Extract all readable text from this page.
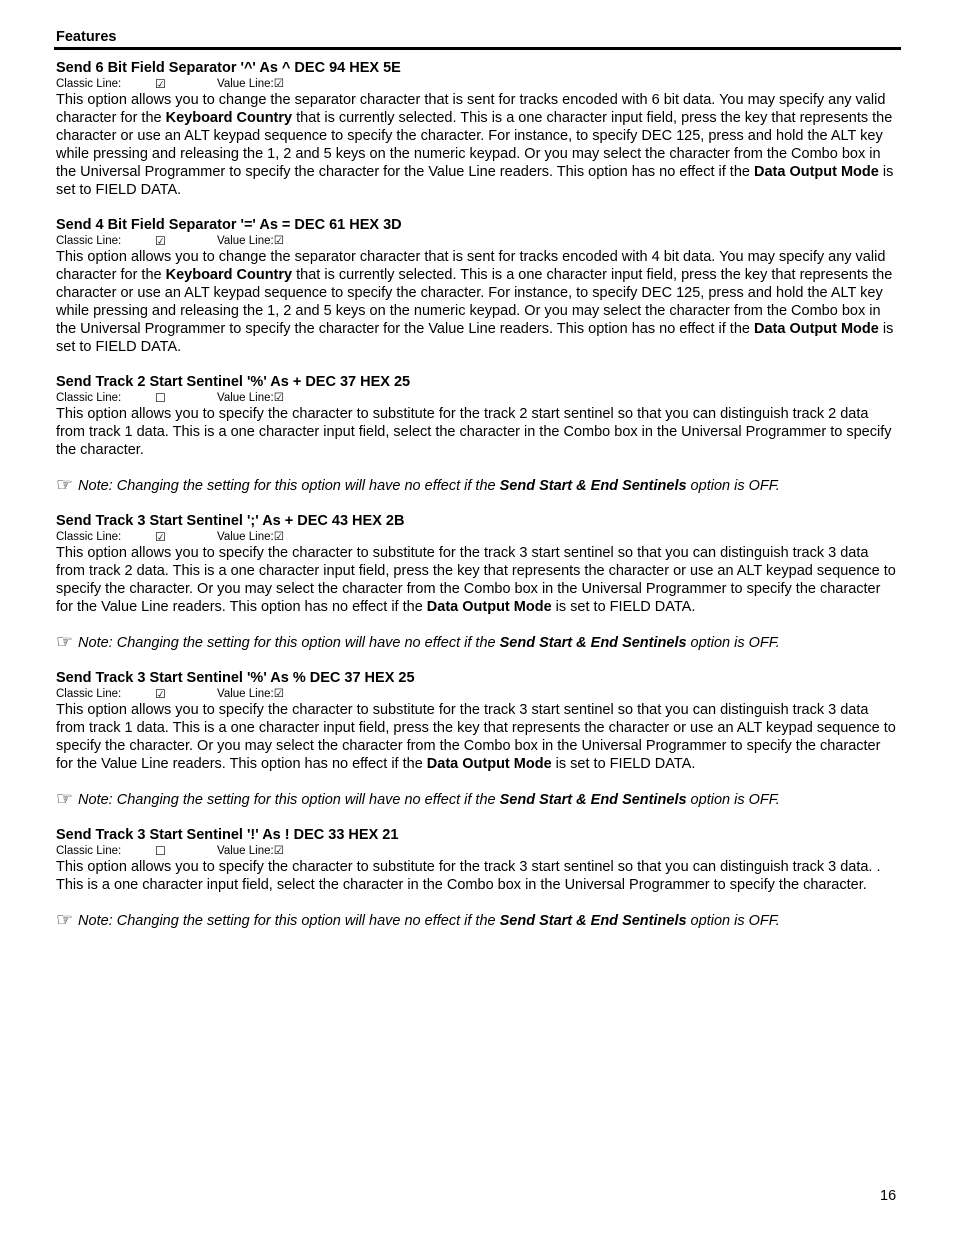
Features
Send 6 Bit Field Separator '^' As ^ DEC 94 HEX 5E
Classic Line:	☑	Value Line:☑

This option allows you to change the separator character that is sent for tracks encoded with 6 bit data. You may specify any valid character for the Keyboard Country that is currently selected. This is a one character input field, press the key that represents the character or use an ALT keypad sequence to specify the character. For instance, to specify DEC 125, press and hold the ALT key while pressing and releasing the 1, 2 and 5 keys on the numeric keypad. Or you may select the character from the Combo box in the Universal Programmer to specify the character for the Value Line readers. This option has no effect if the Data Output Mode is set to FIELD DATA.

Send 4 Bit Field Separator '=' As = DEC 61 HEX 3D
Classic Line:	☑	Value Line:☑

This option allows you to change the separator character that is sent for tracks encoded with 4 bit data. You may specify any valid character for the Keyboard Country that is currently selected. This is a one character input field, press the key that represents the character or use an ALT keypad sequence to specify the character. For instance, to specify DEC 125, press and hold the ALT key while pressing and releasing the 1, 2 and 5 keys on the numeric keypad. Or you may select the character from the Combo box in the Universal Programmer to specify the character for the Value Line readers. This option has no effect if the Data Output Mode is set to FIELD DATA.

Send Track 2 Start Sentinel '%' As + DEC 37 HEX 25
Classic Line:	☐	Value Line:☑

This option allows you to specify the character to substitute for the track 2 start sentinel so that you can distinguish track 2 data from track 1 data. This is a one character input field, select the character in the Combo box in the Universal Programmer to specify the character.

☞ Note: Changing the setting for this option will have no effect if the Send Start & End Sentinels option is OFF.
Send Track 3 Start Sentinel ';' As + DEC 43 HEX 2B
Classic Line:	☑	Value Line:☑

This option allows you to specify the character to substitute for the track 3 start sentinel so that you can distinguish track 3 data from track 2 data. This is a one character input field, press the key that represents the character or use an ALT keypad sequence to specify the character. Or you may select the character from the Combo box in the Universal Programmer to specify the character for the Value Line readers. This option has no effect if the Data Output Mode is set to FIELD DATA.

☞ Note: Changing the setting for this option will have no effect if the Send Start & End Sentinels option is OFF.
Send Track 3 Start Sentinel '%' As % DEC 37 HEX 25
Classic Line:	☑	Value Line:☑

This option allows you to specify the character to substitute for the track 3 start sentinel so that you can distinguish track 3 data from track 1 data. This is a one character input field, press the key that represents the character or use an ALT keypad sequence to specify the character. Or you may select the character from the Combo box in the Universal Programmer to specify the character for the Value Line readers. This option has no effect if the Data Output Mode is set to FIELD DATA.

☞ Note: Changing the setting for this option will have no effect if the Send Start & End Sentinels option is OFF.
Send Track 3 Start Sentinel '!' As ! DEC 33 HEX 21
Classic Line:	☐	Value Line:☑

This option allows you to specify the character to substitute for the track 3 start sentinel so that you can distinguish track 3 data. . This is a one character input field, select the character in the Combo box in the Universal Programmer to specify the character.

☞ Note: Changing the setting for this option will have no effect if the Send Start & End Sentinels option is OFF.
16
